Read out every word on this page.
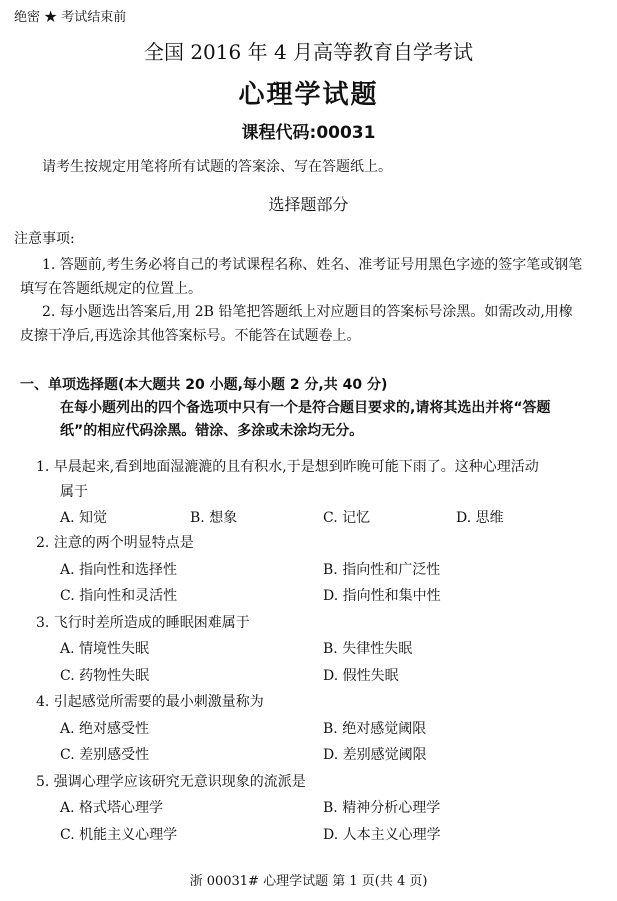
绝密 ★ 考试结束前
全国 2016 年 4 月高等教育自学考试
心理学试题
课程代码:00031
请考生按规定用笔将所有试题的答案涂、写在答题纸上。
选择题部分
注意事项:
1. 答题前,考生务必将自己的考试课程名称、姓名、准考证号用黑色字迹的签字笔或钢笔
填写在答题纸规定的位置上。
2. 每小题选出答案后,用 2B 铅笔把答题纸上对应题目的答案标号涂黑。如需改动,用橡
皮擦干净后,再选涂其他答案标号。不能答在试题卷上。
一、单项选择题(本大题共 20 小题,每小题 2 分,共 40 分)
在每小题列出的四个备选项中只有一个是符合题目要求的,请将其选出并将“答题
纸”的相应代码涂黑。错涂、多涂或未涂均无分。
1. 早晨起来,看到地面湿漉漉的且有积水,于是想到昨晚可能下雨了。这种心理活动
属于
A. 知觉	B. 想象	C. 记忆	D. 思维
2. 注意的两个明显特点是
A. 指向性和选择性	B. 指向性和广泛性
C. 指向性和灵活性	D. 指向性和集中性
3. 飞行时差所造成的睡眠困难属于
A. 情境性失眠	B. 失律性失眠
C. 药物性失眠	D. 假性失眠
4. 引起感觉所需要的最小刺激量称为
A. 绝对感受性	B. 绝对感觉阈限
C. 差别感受性	D. 差别感觉阈限
5. 强调心理学应该研究无意识现象的流派是
A. 格式塔心理学	B. 精神分析心理学
C. 机能主义心理学	D. 人本主义心理学
浙 00031# 心理学试题 第 1 页(共 4 页)
